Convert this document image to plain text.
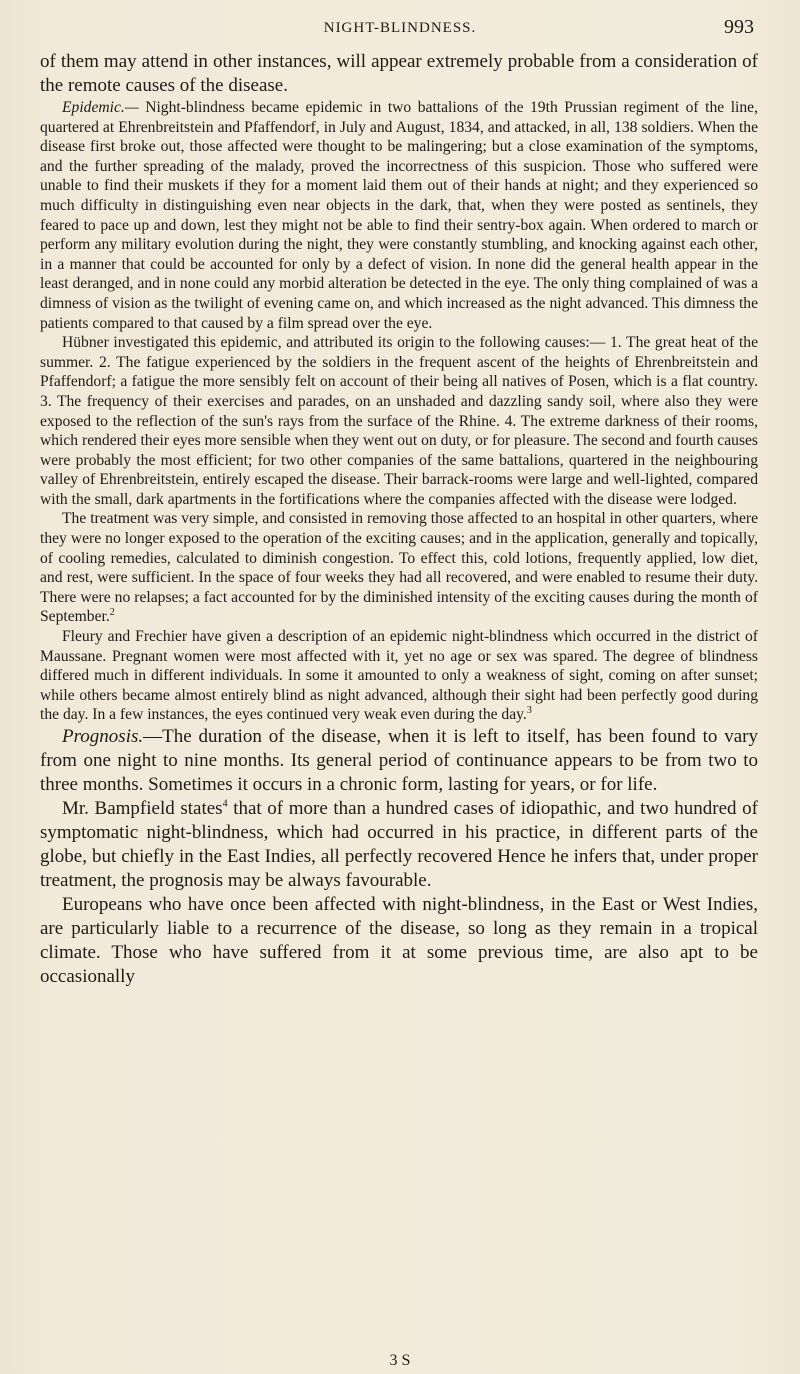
NIGHT-BLINDNESS.	993

of them may attend in other instances, will appear extremely probable from a consideration of the remote causes of the disease.

Epidemic.— Night-blindness became epidemic in two battalions of the 19th Prussian regiment of the line, quartered at Ehrenbreitstein and Pfaffendorf, in July and August, 1834, and attacked, in all, 138 soldiers. When the disease first broke out, those affected were thought to be malingering; but a close examination of the symptoms, and the further spreading of the malady, proved the incorrectness of this suspicion. Those who suffered were unable to find their muskets if they for a moment laid them out of their hands at night; and they experienced so much difficulty in distinguishing even near objects in the dark, that, when they were posted as sentinels, they feared to pace up and down, lest they might not be able to find their sentry-box again. When ordered to march or perform any military evolution during the night, they were constantly stumbling, and knocking against each other, in a manner that could be accounted for only by a defect of vision. In none did the general health appear in the least deranged, and in none could any morbid alteration be detected in the eye. The only thing complained of was a dimness of vision as the twilight of evening came on, and which increased as the night advanced. This dimness the patients compared to that caused by a film spread over the eye.

Hübner investigated this epidemic, and attributed its origin to the following causes:— 1. The great heat of the summer. 2. The fatigue experienced by the soldiers in the frequent ascent of the heights of Ehrenbreitstein and Pfaffendorf; a fatigue the more sensibly felt on account of their being all natives of Posen, which is a flat country. 3. The frequency of their exercises and parades, on an unshaded and dazzling sandy soil, where also they were exposed to the reflection of the sun's rays from the surface of the Rhine. 4. The extreme darkness of their rooms, which rendered their eyes more sensible when they went out on duty, or for pleasure. The second and fourth causes were probably the most efficient; for two other companies of the same battalions, quartered in the neighbouring valley of Ehrenbreitstein, entirely escaped the disease. Their barrack-rooms were large and well-lighted, compared with the small, dark apartments in the fortifications where the companies affected with the disease were lodged.

The treatment was very simple, and consisted in removing those affected to an hospital in other quarters, where they were no longer exposed to the operation of the exciting causes; and in the application, generally and topically, of cooling remedies, calculated to diminish congestion. To effect this, cold lotions, frequently applied, low diet, and rest, were sufficient. In the space of four weeks they had all recovered, and were enabled to resume their duty. There were no relapses; a fact accounted for by the diminished intensity of the exciting causes during the month of September.$^2$

Fleury and Frechier have given a description of an epidemic night-blindness which occurred in the district of Maussane. Pregnant women were most affected with it, yet no age or sex was spared. The degree of blindness differed much in different individuals. In some it amounted to only a weakness of sight, coming on after sunset; while others became almost entirely blind as night advanced, although their sight had been perfectly good during the day. In a few instances, the eyes continued very weak even during the day.$^3$

Prognosis.—The duration of the disease, when it is left to itself, has been found to vary from one night to nine months. Its general period of continuance appears to be from two to three months. Sometimes it occurs in a chronic form, lasting for years, or for life.

Mr. Bampfield states$^4$ that of more than a hundred cases of idiopathic, and two hundred of symptomatic night-blindness, which had occurred in his practice, in different parts of the globe, but chiefly in the East Indies, all perfectly recovered Hence he infers that, under proper treatment, the prognosis may be always favourable.

Europeans who have once been affected with night-blindness, in the East or West Indies, are particularly liable to a recurrence of the disease, so long as they remain in a tropical climate. Those who have suffered from it at some previous time, are also apt to be occasionally

3 S
